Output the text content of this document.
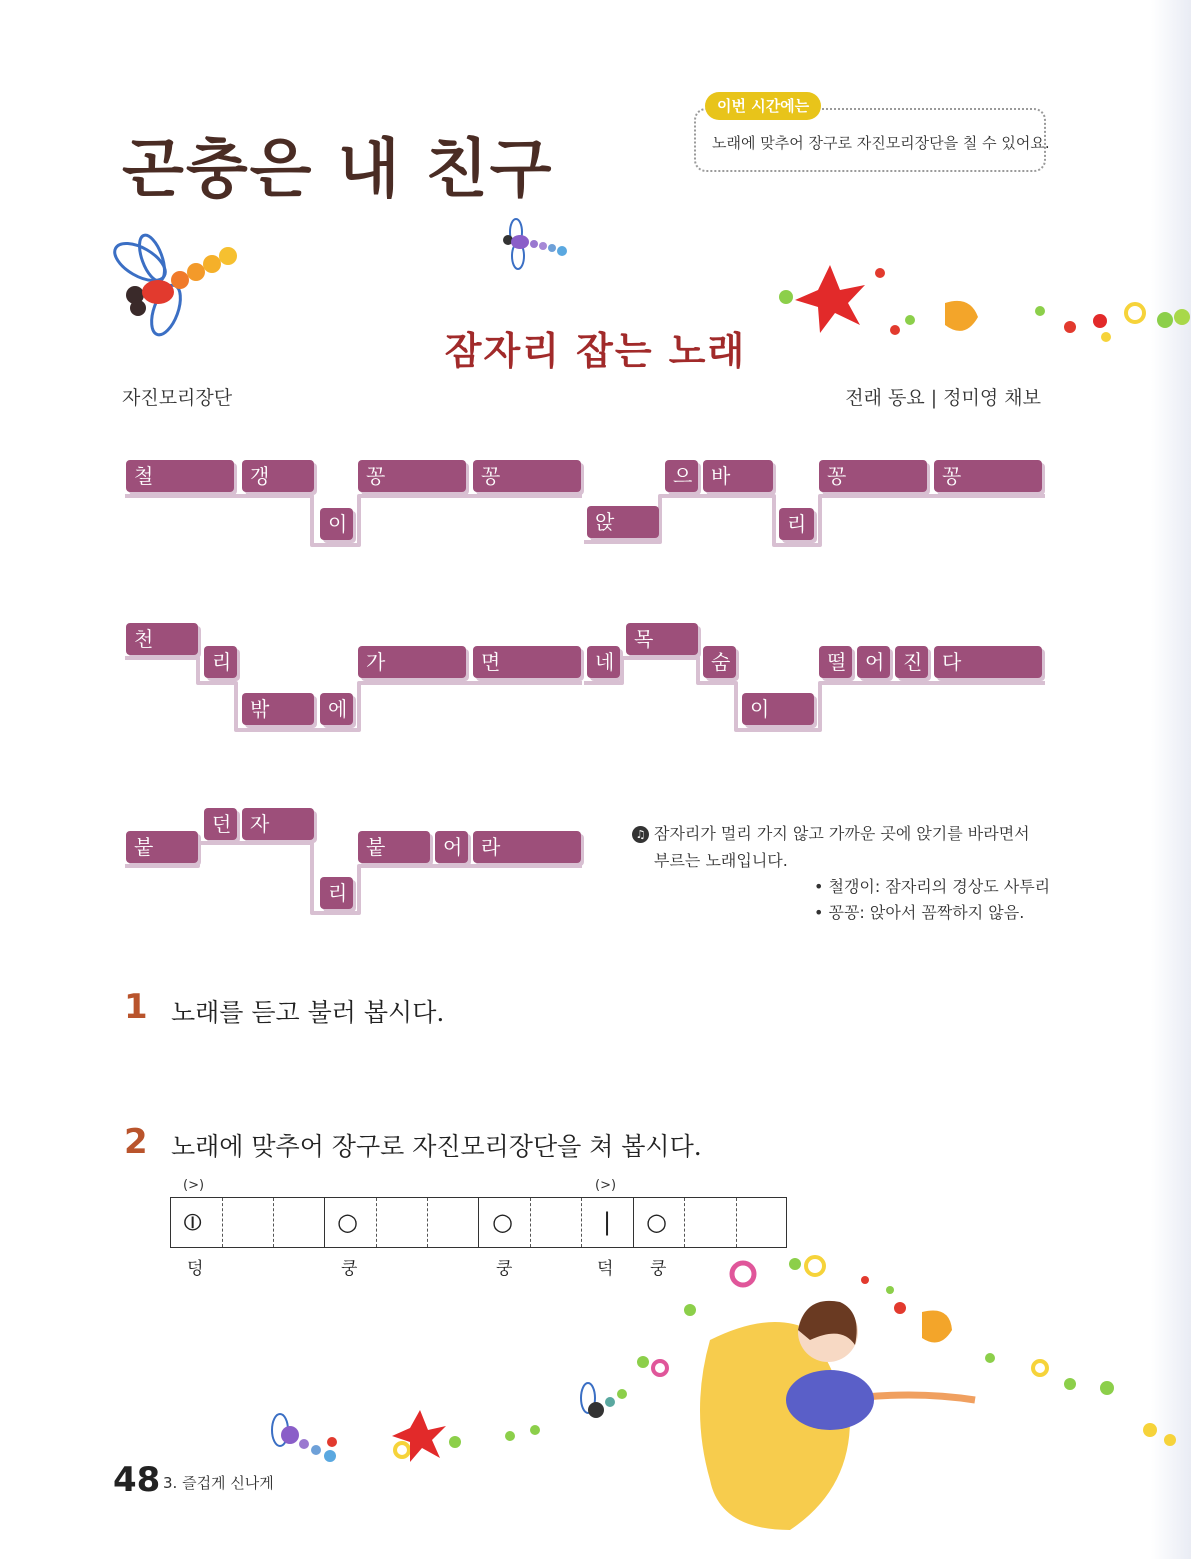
곤충은 내 친구
이번 시간에는
노래에 맞추어 장구로 자진모리장단을 칠 수 있어요.
잠자리 잡는 노래
자진모리장단	전래 동요 | 정미영 채보
철	갱
이
꽁	꽁
앉
으 바
리
꽁	꽁
천
리
밖	에
가	면	네
목
숨
이
떨 어 진 다
붙
던 자
리
붙	어 라
♫ 잠자리가 멀리 가지 않고 가까운 곳에 앉기를 바라면서
부르는 노래입니다.
• 철갱이: 잠자리의 경상도 사투리
• 꽁꽁: 앉아서 꼼짝하지 않음.
1 노래를 듣고 불러 봅시다.
2 노래에 맞추어 장구로 자진모리장단을 쳐 봅시다.
(>)	(>)
⦶	○	○	| ○
덩	쿵	쿵	덕 쿵
48 3. 즐겁게 신나게
